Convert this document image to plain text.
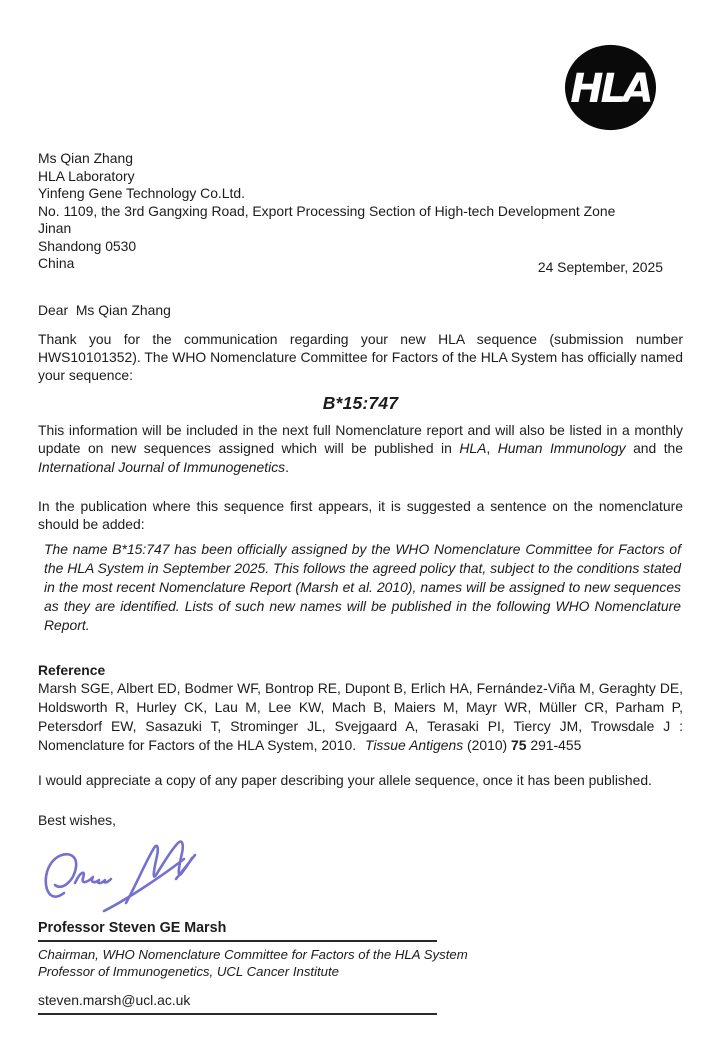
HLA
Ms Qian Zhang
HLA Laboratory
Yinfeng Gene Technology Co.Ltd.
No. 1109, the 3rd Gangxing Road, Export Processing Section of High-tech Development Zone
Jinan
Shandong 0530
China	24 September, 2025
Dear  Ms Qian Zhang
Thank you for the communication regarding your new HLA sequence (submission number HWS10101352). The WHO Nomenclature Committee for Factors of the HLA System has officially named your sequence:
B*15:747
This information will be included in the next full Nomenclature report and will also be listed in a monthly update on new sequences assigned which will be published in HLA, Human Immunology and the International Journal of Immunogenetics.
In the publication where this sequence first appears, it is suggested a sentence on the nomenclature should be added:
The name B*15:747 has been officially assigned by the WHO Nomenclature Committee for Factors of the HLA System in September 2025. This follows the agreed policy that, subject to the conditions stated in the most recent Nomenclature Report (Marsh et al. 2010), names will be assigned to new sequences as they are identified. Lists of such new names will be published in the following WHO Nomenclature Report.
Reference
Marsh SGE, Albert ED, Bodmer WF, Bontrop RE, Dupont B, Erlich HA, Fernández-Viña M, Geraghty DE, Holdsworth R, Hurley CK, Lau M, Lee KW, Mach B, Maiers M, Mayr WR, Müller CR, Parham P, Petersdorf EW, Sasazuki T, Strominger JL, Svejgaard A, Terasaki PI, Tiercy JM, Trowsdale J : Nomenclature for Factors of the HLA System, 2010. Tissue Antigens (2010) 75 291-455
I would appreciate a copy of any paper describing your allele sequence, once it has been published.
Best wishes,
Professor Steven GE Marsh
Chairman, WHO Nomenclature Committee for Factors of the HLA System
Professor of Immunogenetics, UCL Cancer Institute
steven.marsh@ucl.ac.uk
